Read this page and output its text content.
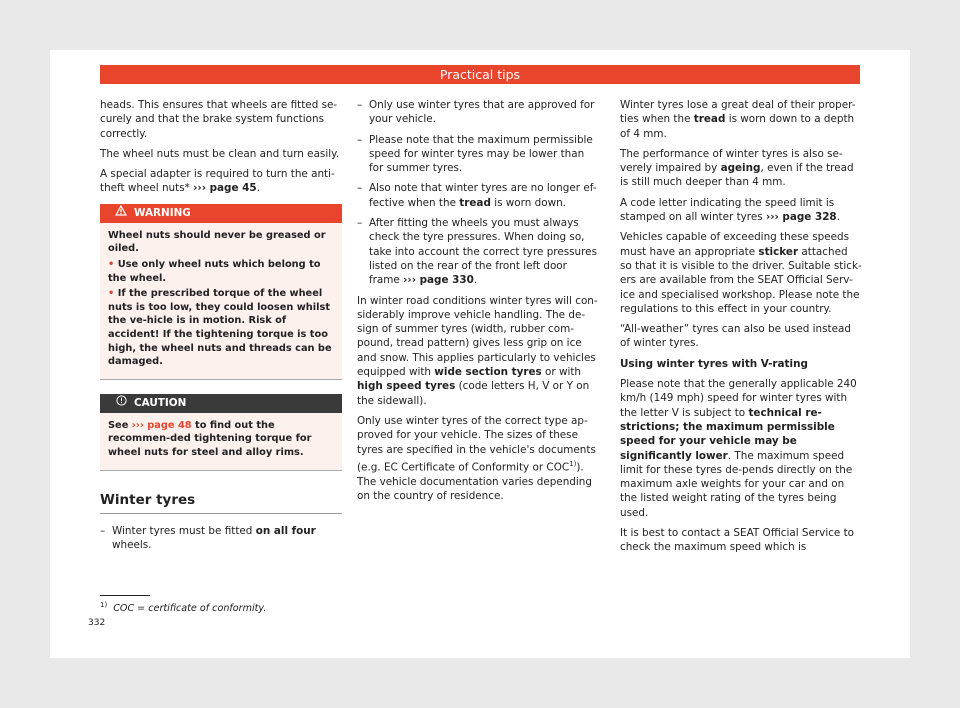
Practical tips

heads. This ensures that wheels are fitted se-curely and that the brake system functions correctly.

The wheel nuts must be clean and turn easily.

A special adapter is required to turn the anti-theft wheel nuts* ››› page 45.

WARNING

Wheel nuts should never be greased or oiled.

• Use only wheel nuts which belong to the wheel.

• If the prescribed torque of the wheel nuts is too low, they could loosen whilst the ve-hicle is in motion. Risk of accident! If the tightening torque is too high, the wheel nuts and threads can be damaged.

CAUTION

See ››› page 48 to find out the recommen-ded tightening torque for wheel nuts for steel and alloy rims.

Winter tyres
– Winter tyres must be fitted on all four wheels.
– Only use winter tyres that are approved for your vehicle.
– Please note that the maximum permissible speed for winter tyres may be lower than for summer tyres.
– Also note that winter tyres are no longer ef-fective when the tread is worn down.
– After fitting the wheels you must always check the tyre pressures. When doing so, take into account the correct tyre pressures listed on the rear of the front left door frame ››› page 330.

In winter road conditions winter tyres will con-siderably improve vehicle handling. The de-sign of summer tyres (width, rubber com-pound, tread pattern) gives less grip on ice and snow. This applies particularly to vehicles equipped with wide section tyres or with high speed tyres (code letters H, V or Y on the sidewall).

Only use winter tyres of the correct type ap-proved for your vehicle. The sizes of these tyres are specified in the vehicle's documents (e.g. EC Certificate of Conformity or COC$^{1)}$). The vehicle documentation varies depending on the country of residence.

Winter tyres lose a great deal of their proper-ties when the tread is worn down to a depth of 4 mm.

The performance of winter tyres is also se-verely impaired by ageing, even if the tread is still much deeper than 4 mm.

A code letter indicating the speed limit is stamped on all winter tyres ››› page 328.

Vehicles capable of exceeding these speeds must have an appropriate sticker attached so that it is visible to the driver. Suitable stick-ers are available from the SEAT Official Serv-ice and specialised workshop. Please note the regulations to this effect in your country.

“All-weather” tyres can also be used instead of winter tyres.

Using winter tyres with V-rating

Please note that the generally applicable 240 km/h (149 mph) speed for winter tyres with the letter V is subject to technical re-strictions; the maximum permissible speed for your vehicle may be significantly lower. The maximum speed limit for these tyres de-pends directly on the maximum axle weights for your car and on the listed weight rating of the tyres being used.

It is best to contact a SEAT Official Service to check the maximum speed which is

$^{1)}$ COC = certificate of conformity.
332
